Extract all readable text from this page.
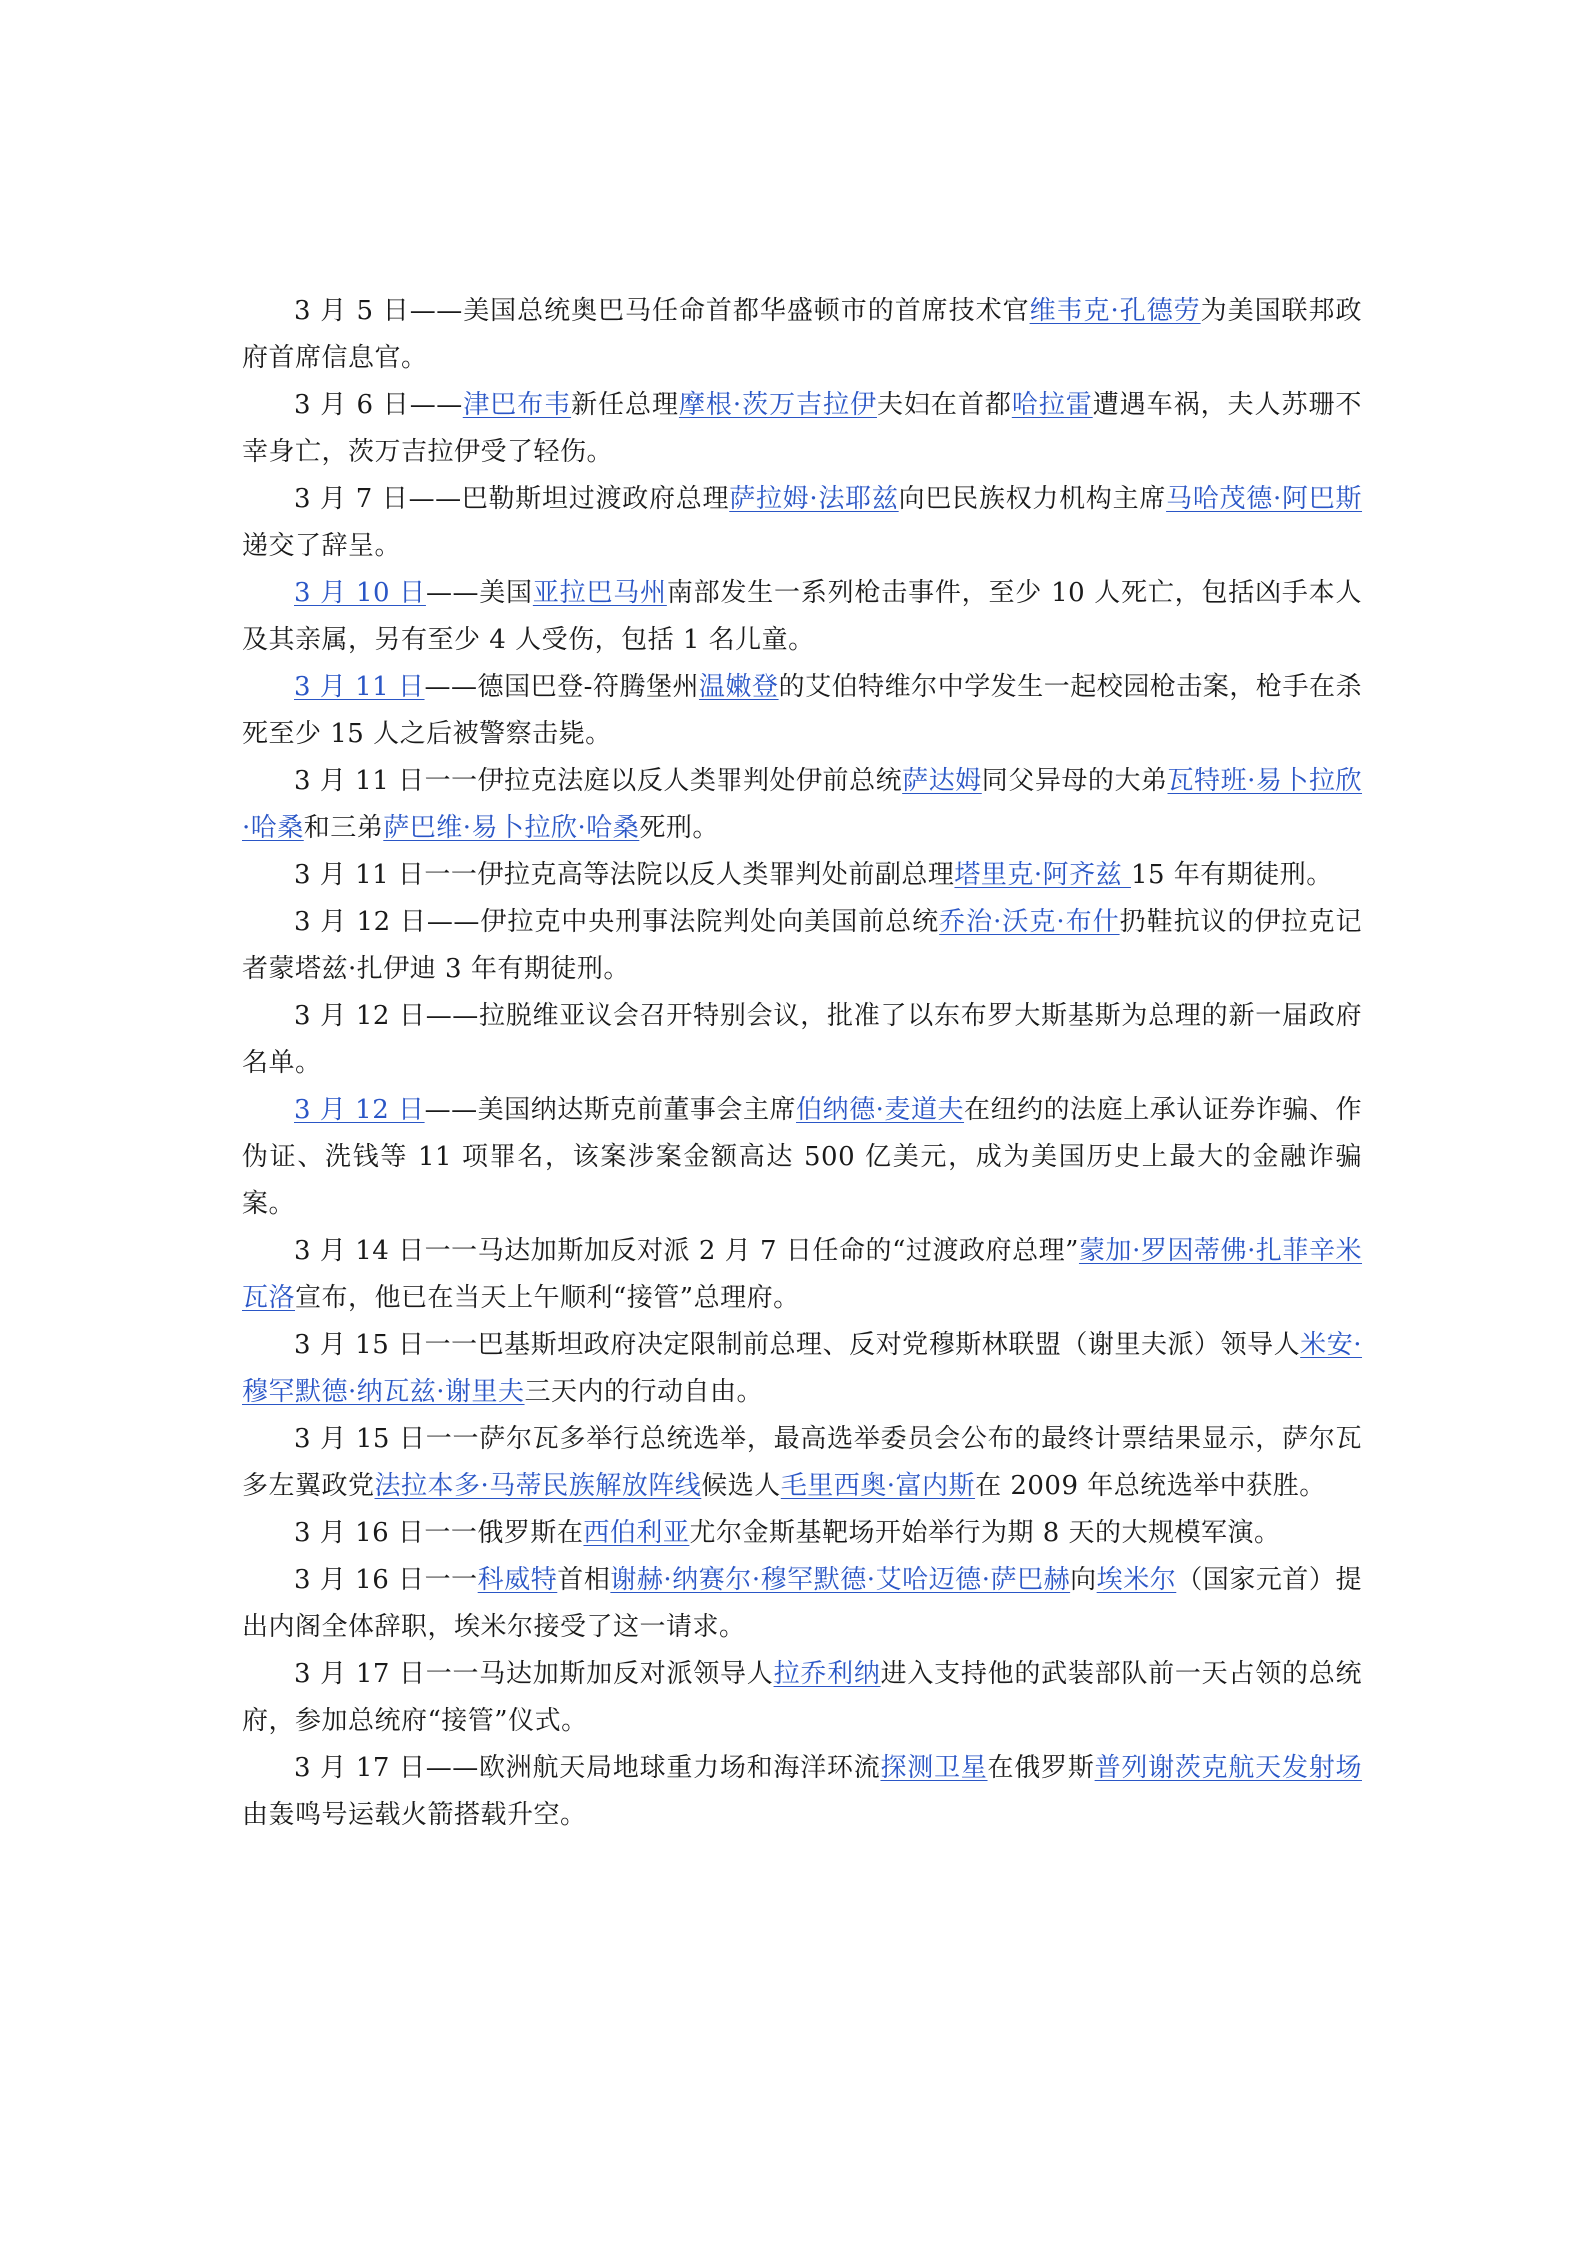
3 月 5 日——美国总统奥巴马任命首都华盛顿市的首席技术官维韦克·孔德劳为美国联邦政府首席信息官。

3 月 6 日——津巴布韦新任总理摩根·茨万吉拉伊夫妇在首都哈拉雷遭遇车祸，夫人苏珊不幸身亡，茨万吉拉伊受了轻伤。

3 月 7 日——巴勒斯坦过渡政府总理萨拉姆·法耶兹向巴民族权力机构主席马哈茂德·阿巴斯递交了辞呈。

3 月 10 日——美国亚拉巴马州南部发生一系列枪击事件，至少 10 人死亡，包括凶手本人及其亲属，另有至少 4 人受伤，包括 1 名儿童。

3 月 11 日——德国巴登-符腾堡州温嫩登的艾伯特维尔中学发生一起校园枪击案，枪手在杀死至少 15 人之后被警察击毙。

3 月 11 日一一伊拉克法庭以反人类罪判处伊前总统萨达姆同父异母的大弟瓦特班·易卜拉欣·哈桑和三弟萨巴维·易卜拉欣·哈桑死刑。

3 月 11 日一一伊拉克高等法院以反人类罪判处前副总理塔里克·阿齐兹 15 年有期徒刑。

3 月 12 日——伊拉克中央刑事法院判处向美国前总统乔治·沃克·布什扔鞋抗议的伊拉克记者蒙塔兹·扎伊迪 3 年有期徒刑。

3 月 12 日——拉脱维亚议会召开特别会议，批准了以东布罗大斯基斯为总理的新一届政府名单。

3 月 12 日——美国纳达斯克前董事会主席伯纳德·麦道夫在纽约的法庭上承认证券诈骗、作伪证、洗钱等 11 项罪名，该案涉案金额高达 500 亿美元，成为美国历史上最大的金融诈骗案。

3 月 14 日一一马达加斯加反对派 2 月 7 日任命的“过渡政府总理”蒙加·罗因蒂佛·扎菲辛米瓦洛宣布，他已在当天上午顺利“接管”总理府。

3 月 15 日一一巴基斯坦政府决定限制前总理、反对党穆斯林联盟（谢里夫派）领导人米安·穆罕默德·纳瓦兹·谢里夫三天内的行动自由。

3 月 15 日一一萨尔瓦多举行总统选举，最高选举委员会公布的最终计票结果显示，萨尔瓦多左翼政党法拉本多·马蒂民族解放阵线候选人毛里西奥·富内斯在 2009 年总统选举中获胜。

3 月 16 日一一俄罗斯在西伯利亚尤尔金斯基靶场开始举行为期 8 天的大规模军演。

3 月 16 日一一科威特首相谢赫·纳赛尔·穆罕默德·艾哈迈德·萨巴赫向埃米尔（国家元首）提出内阁全体辞职，埃米尔接受了这一请求。

3 月 17 日一一马达加斯加反对派领导人拉乔利纳进入支持他的武装部队前一天占领的总统府，参加总统府“接管”仪式。

3 月 17 日——欧洲航天局地球重力场和海洋环流探测卫星在俄罗斯普列谢茨克航天发射场由轰鸣号运载火箭搭载升空。
